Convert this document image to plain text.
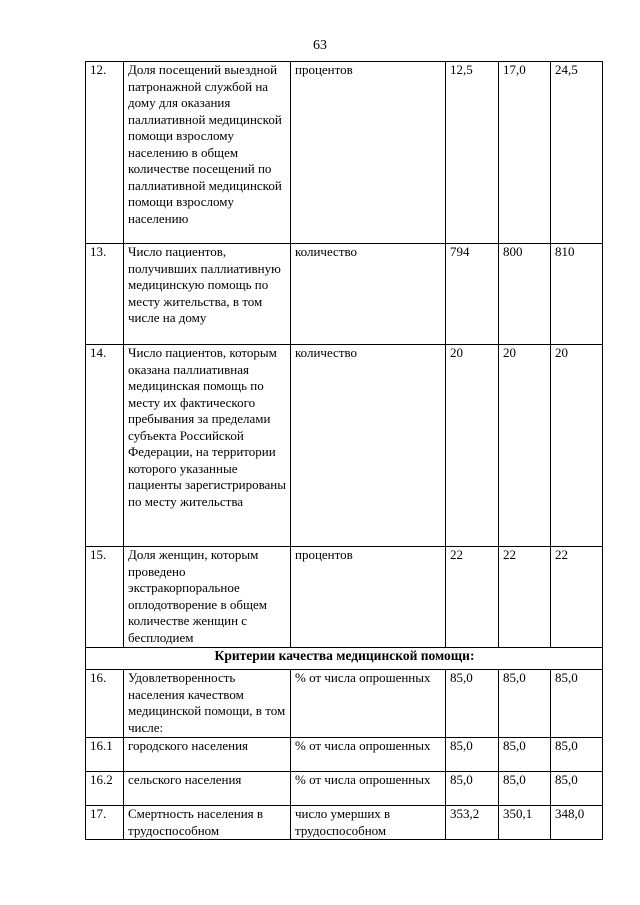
63
12.	Доля посещений выездной патронажной службой на дому для оказания паллиативной медицинской помощи взрослому населению в общем количестве посещений по паллиативной медицинской помощи взрослому населению	процентов	12,5	17,0	24,5
13.	Число пациентов, получивших паллиативную медицинскую помощь по месту жительства, в том числе на дому	количество	794	800	810
14.	Число пациентов, которым оказана паллиативная медицинская помощь по месту их фактического пребывания за пределами субъекта Российской Федерации, на территории которого указанные пациенты зарегистрированы по месту жительства	количество	20	20	20
15.	Доля женщин, которым проведено экстракорпоральное оплодотворение в общем количестве женщин с бесплодием	процентов	22	22	22
Критерии качества медицинской помощи:					
16.	Удовлетворенность населения качеством медицинской помощи, в том числе:	% от числа опрошенных	85,0	85,0	85,0
16.1	городского населения	% от числа опрошенных	85,0	85,0	85,0
16.2	сельского населения	% от числа опрошенных	85,0	85,0	85,0
17.	Смертность населения в трудоспособном	число умерших в трудоспособном	353,2	350,1	348,0
